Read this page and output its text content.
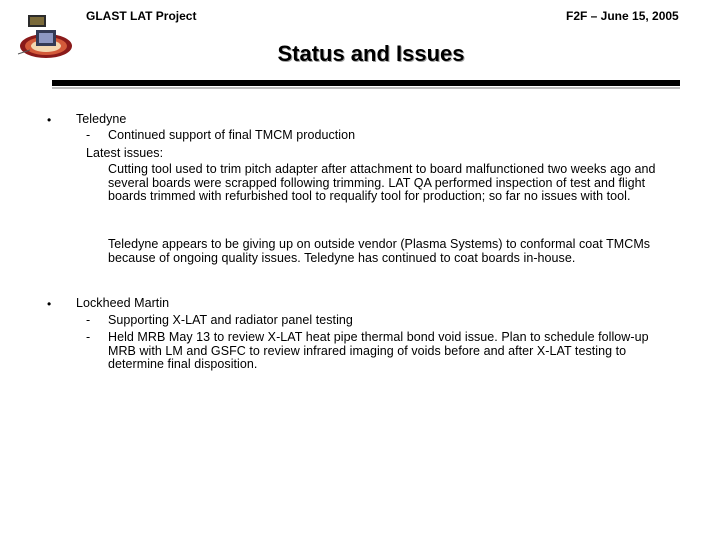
GLAST LAT Project	F2F – June 15, 2005
Status and Issues
• Teledyne
- Continued support of final TMCM production
Latest issues:
Cutting tool used to trim pitch adapter after attachment to board malfunctioned two weeks ago and several boards were scrapped following trimming. LAT QA performed inspection of test and flight boards trimmed with refurbished tool to requalify tool for production; so far no issues with tool.
Teledyne appears to be giving up on outside vendor (Plasma Systems) to conformal coat TMCMs because of ongoing quality issues. Teledyne has continued to coat boards in-house.
• Lockheed Martin
- Supporting X-LAT and radiator panel testing
- Held MRB May 13 to review X-LAT heat pipe thermal bond void issue. Plan to schedule follow-up MRB with LM and GSFC to review infrared imaging of voids before and after X-LAT testing to determine final disposition.
